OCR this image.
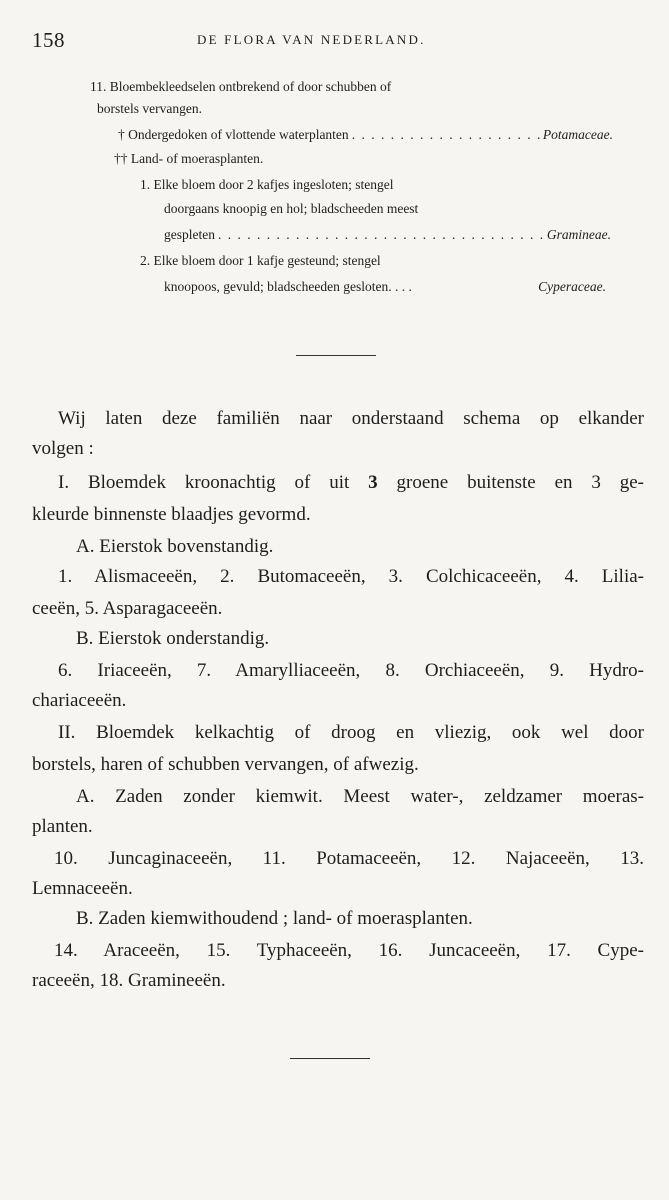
158	DE FLORA VAN NEDERLAND.
11. Bloembekleedselen ontbrekend of door schubben of
borstels vervangen.
† Ondergedoken of vlottende waterplanten . . .	Potamaceae.
†† Land- of moerasplanten.
1. Elke bloem door 2 kafjes ingesloten; stengel
doorgaans knoopig en hol; bladscheeden meest
gespleten . . .	Gramineae.
2. Elke bloem door 1 kafje gesteund; stengel
knoopoos, gevuld; bladscheeden gesloten. . . .	Cyperaceae.
Wij laten deze familiën naar onderstaand schema op elkander
volgen :
I. Bloemdek kroonachtig of uit 3 groene buitenste en 3 ge-
kleurde binnenste blaadjes gevormd.
A. Eierstok bovenstandig.
1. Alismaceeën, 2. Butomaceeën, 3. Colchicaceeën, 4. Lilia-
ceeën, 5. Asparagaceeën.
B. Eierstok onderstandig.
6. Iriaceeën, 7. Amaryllіaceeën, 8. Orchiaceeën, 9. Hydro-
chariaceeën.
II. Bloemdek kelkachtig of droog en vliezig, ook wel door
borstels, haren of schubben vervangen, of afwezig.
A. Zaden zonder kiemwit. Meest water-, zeldzamer moeras-
planten.
10. Juncaginaceeën, 11. Potamaceeën, 12. Najaceeën, 13.
Lemnaceeën.
B. Zaden kiemwithoudend ; land- of moerasplanten.
14. Araceeën, 15. Typhaceeën, 16. Juncaceeën, 17. Cype-
raceeën, 18. Gramineeën.
